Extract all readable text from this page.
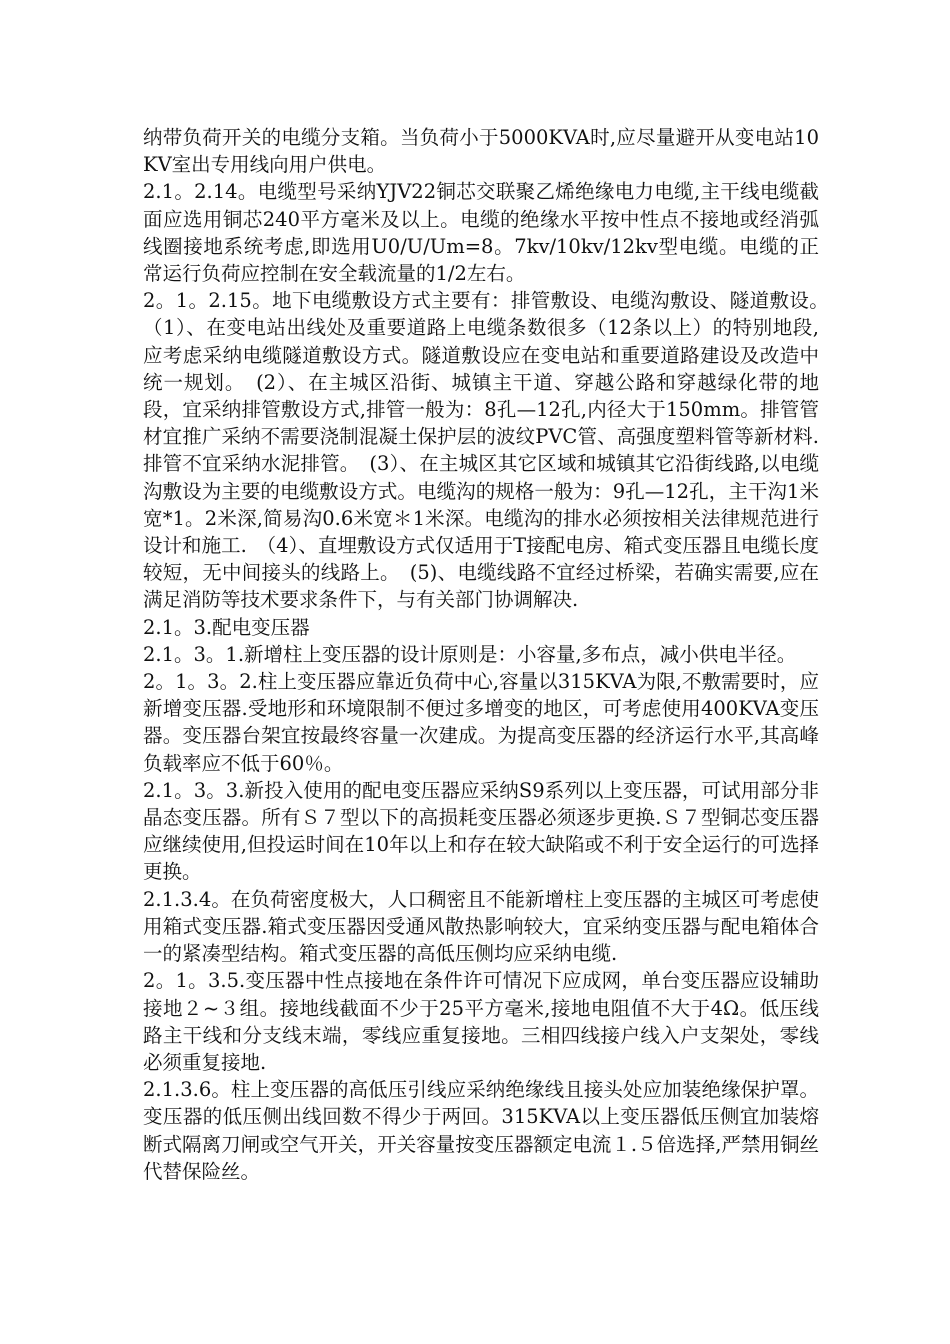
纳带负荷开关的电缆分支箱。当负荷小于5000KVA时,应尽量避开从变电站10KV室出专用线向用户供电。

2.1。2.14。电缆型号采纳YJV22铜芯交联聚乙烯绝缘电力电缆,主干线电缆截面应选用铜芯240平方毫米及以上。电缆的绝缘水平按中性点不接地或经消弧线圈接地系统考虑,即选用U0/U/Um=8。7kv/10kv/12kv型电缆。电缆的正常运行负荷应控制在安全载流量的1/2左右。

2。1。2.15。地下电缆敷设方式主要有：排管敷设、电缆沟敷设、隧道敷设。　（1）、在变电站出线处及重要道路上电缆条数很多（12条以上）的特别地段,应考虑采纳电缆隧道敷设方式。隧道敷设应在变电站和重要道路建设及改造中统一规划。　(2）、在主城区沿街、城镇主干道、穿越公路和穿越绿化带的地段，宜采纳排管敷设方式,排管一般为：8孔—12孔,内径大于150mm。排管管材宜推广采纳不需要浇制混凝土保护层的波纹PVC管、高强度塑料管等新材料.排管不宜采纳水泥排管。　(3）、在主城区其它区域和城镇其它沿街线路,以电缆沟敷设为主要的电缆敷设方式。电缆沟的规格一般为：9孔—12孔，主干沟1米宽*1。2米深,简易沟0.6米宽＊1米深。电缆沟的排水必须按相关法律规范进行设计和施工.　（4）、直埋敷设方式仅适用于T接配电房、箱式变压器且电缆长度较短，无中间接头的线路上。　(5)、电缆线路不宜经过桥梁，若确实需要,应在满足消防等技术要求条件下，与有关部门协调解决.

2.1。3.配电变压器

2.1。3。1.新增柱上变压器的设计原则是：小容量,多布点，减小供电半径。

2。1。3。2.柱上变压器应靠近负荷中心,容量以315KVA为限,不敷需要时，应新增变压器.受地形和环境限制不便过多增变的地区，可考虑使用400KVA变压器。变压器台架宜按最终容量一次建成。为提高变压器的经济运行水平,其高峰负载率应不低于60％。

2.1。3。3.新投入使用的配电变压器应采纳S9系列以上变压器，可试用部分非晶态变压器。所有Ｓ７型以下的高损耗变压器必须逐步更换.Ｓ７型铜芯变压器应继续使用,但投运时间在10年以上和存在较大缺陷或不利于安全运行的可选择更换。

2.1.3.4。在负荷密度极大，人口稠密且不能新增柱上变压器的主城区可考虑使用箱式变压器.箱式变压器因受通风散热影响较大，宜采纳变压器与配电箱体合一的紧凑型结构。箱式变压器的高低压侧均应采纳电缆.

2。1。3.5.变压器中性点接地在条件许可情况下应成网，单台变压器应设辅助接地２~３组。接地线截面不少于25平方毫米,接地电阻值不大于4Ω。低压线路主干线和分支线末端，零线应重复接地。三相四线接户线入户支架处，零线必须重复接地.

2.1.3.6。柱上变压器的高低压引线应采纳绝缘线且接头处应加装绝缘保护罩。变压器的低压侧出线回数不得少于两回。315KVA以上变压器低压侧宜加装熔断式隔离刀闸或空气开关，开关容量按变压器额定电流１.５倍选择,严禁用铜丝代替保险丝。
